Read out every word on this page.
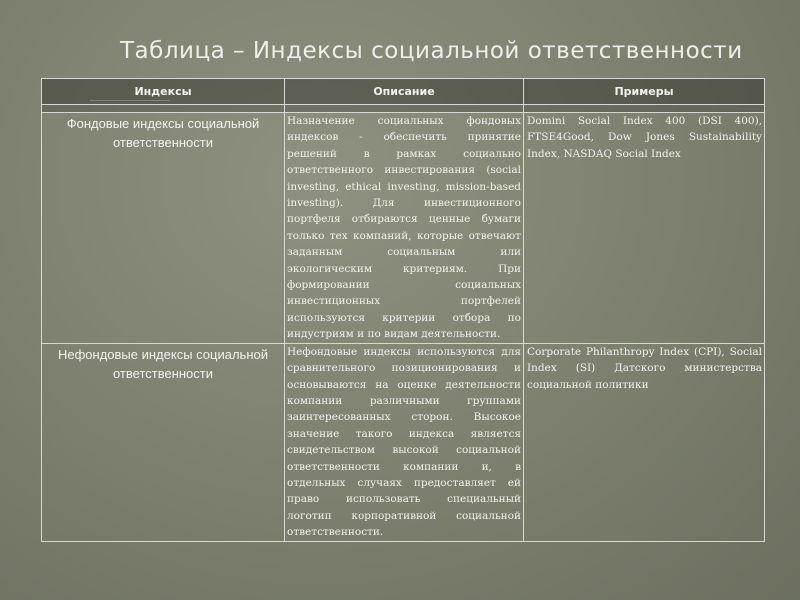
Таблица – Индексы социальной ответственности
Индексы	Описание	Примеры

Фондовые индексы социальной ответственности	Назначение социальных фондовых индексов - обеспечить принятие решений в рамках социально ответственного инвестирования (social investing, ethical investing, mission-based investing). Для инвестиционного портфеля отбираются ценные бумаги только тех компаний, которые отвечают заданным социальным или экологическим критериям. При формировании социальных инвестиционных портфелей используются критерии отбора по индустриям и по видам деятельности.	Domini Social Index 400 (DSI 400), FTSE4Good, Dow Jones Sustainability Index, NASDAQ Social Index
Нефондовые индексы социальной ответственности	Нефондовые индексы используются для сравнительного позиционирования и основываются на оценке деятельности компании различными группами заинтересованных сторон. Высокое значение такого индекса является свидетельством высокой социальной ответственности компании и, в отдельных случаях предоставляет ей право использовать специальный логотип корпоративной социальной ответственности.	Corporate Philanthropy Index (CPI), Social Index (SI) Датского министерства социальной политики
